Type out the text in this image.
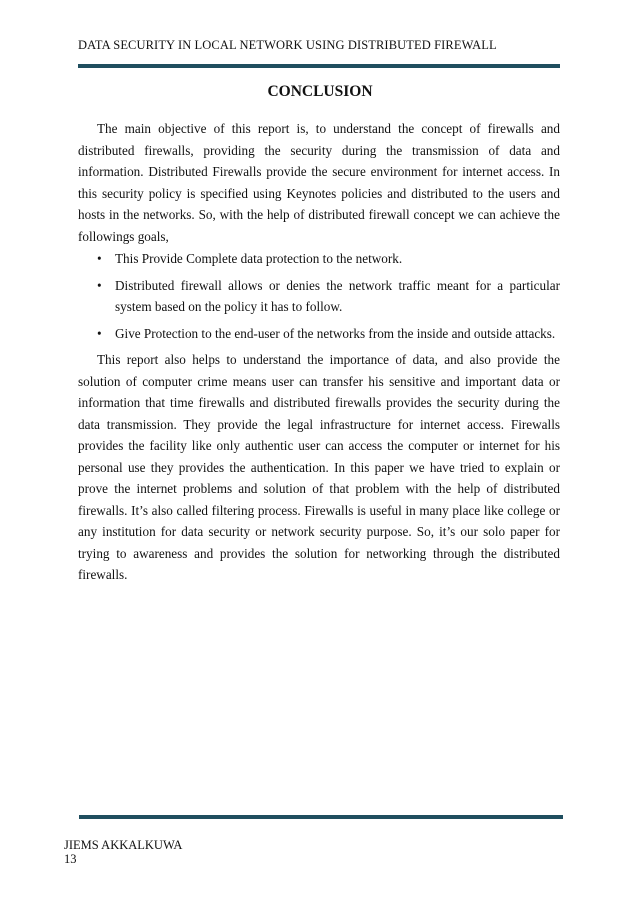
DATA SECURITY IN LOCAL NETWORK USING DISTRIBUTED FIREWALL
CONCLUSION

The main objective of this report is, to understand the concept of firewalls and distributed firewalls, providing the security during the transmission of data and information. Distributed Firewalls provide the secure environment for internet access. In this security policy is specified using Keynotes policies and distributed to the users and hosts in the networks. So, with the help of distributed firewall concept we can achieve the followings goals,

• This Provide Complete data protection to the network.
• Distributed firewall allows or denies the network traffic meant for a particular system based on the policy it has to follow.
• Give Protection to the end-user of the networks from the inside and outside attacks.

This report also helps to understand the importance of data, and also provide the solution of computer crime means user can transfer his sensitive and important data or information that time firewalls and distributed firewalls provides the security during the data transmission. They provide the legal infrastructure for internet access. Firewalls provides the facility like only authentic user can access the computer or internet for his personal use they provides the authentication. In this paper we have tried to explain or prove the internet problems and solution of that problem with the help of distributed firewalls. It’s also called filtering process. Firewalls is useful in many place like college or any institution for data security or network security purpose. So, it’s our solo paper for trying to awareness and provides the solution for networking through the distributed firewalls.

JIEMS AKKALKUWA
13
